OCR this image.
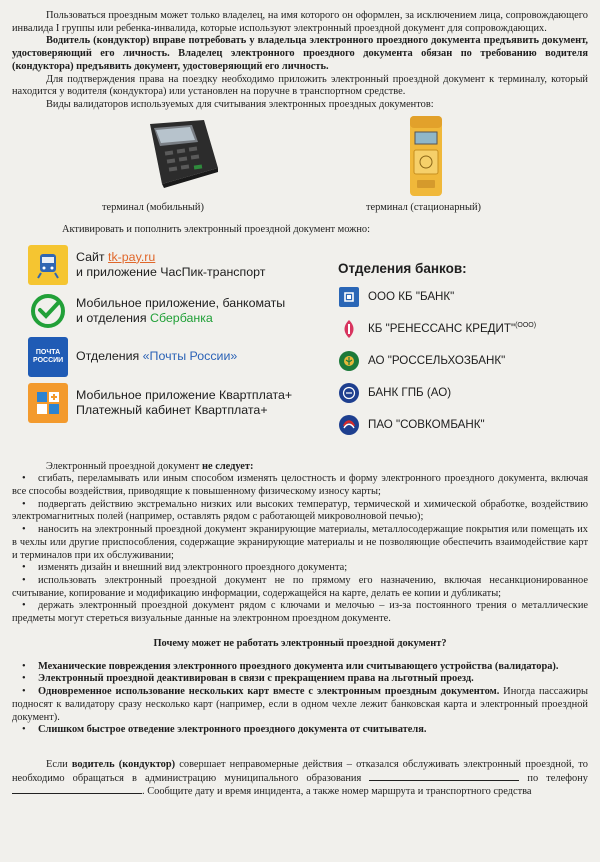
Пользоваться проездным может только владелец, на имя которого он оформлен, за исключением лица, сопровождающего инвалида I группы или ребенка-инвалида, которые используют электронный проездной документ для сопровождающих.

Водитель (кондуктор) вправе потребовать у владельца электронного проездного документа предъявить документ, удостоверяющий его личность. Владелец электронного проездного документа обязан по требованию водителя (кондуктора) предъявить документ, удостоверяющий его личность.

Для подтверждения права на поездку необходимо приложить электронный проездной документ к терминалу, который находится у водителя (кондуктора) или установлен на поручне в транспортном средстве.

Виды валидаторов используемых для считывания электронных проездных документов:

терминал (мобильный)	терминал (стационарный)
Активировать и пополнить электронный проездной документ можно:
Сайт tk-pay.ru
и приложение ЧасПик-транспорт
Мобильное приложение, банкоматы
и отделения Сбербанка
ПОЧТА РОССИИ Отделения «Почты России»
Мобильное приложение Квартплата+
Платежный кабинет Квартплата+
Отделения банков:
ООО КБ "БАНК"
КБ "РЕНЕССАНС КРЕДИТ"$^{(ООО)}$
АО "РОССЕЛЬХОЗБАНК"
БАНК ГПБ (АО)
ПАО "СОВКОМБАНК"

Электронный проездной документ не следует:

• сгибать, переламывать или иным способом изменять целостность и форму электронного проездного документа, включая все способы воздействия, приводящие к повышенному физическому износу карты;
• подвергать действию экстремально низких или высоких температур, термической и химической обработке, воздействию электромагнитных полей (например, оставлять рядом с работающей микроволновой печью);
• наносить на электронный проездной документ экранирующие материалы, металлосодержащие покрытия или помещать их в чехлы или другие приспособления, содержащие экранирующие материалы и не позволяющие обеспечить взаимодействие карт и терминалов при их обслуживании;
• изменять дизайн и внешний вид электронного проездного документа;
• использовать электронный проездной документ не по прямому его назначению, включая несанкционированное считывание, копирование и модификацию информации, содержащейся на карте, делать ее копии и дубликаты;
• держать электронный проездной документ рядом с ключами и мелочью – из-за постоянного трения о металлические предметы могут стереться визуальные данные на электронном проездном документе.
Почему может не работать электронный проездной документ?
• Механические повреждения электронного проездного документа или считывающего устройства (валидатора).
• Электронный проездной деактивирован в связи с прекращением права на льготный проезд.
• Одновременное использование нескольких карт вместе с электронным проездным документом. Иногда пассажиры подносят к валидатору сразу несколько карт (например, если в одном чехле лежит банковская карта и электронный проездной документ).
• Слишком быстрое отведение электронного проездного документа от считывателя.

Если водитель (кондуктор) совершает неправомерные действия – отказался обслуживать электронный проездной, то необходимо обращаться в администрацию муниципального образования	по телефону. Сообщите дату и время инцидента, а также номер маршрута и транспортного средства
